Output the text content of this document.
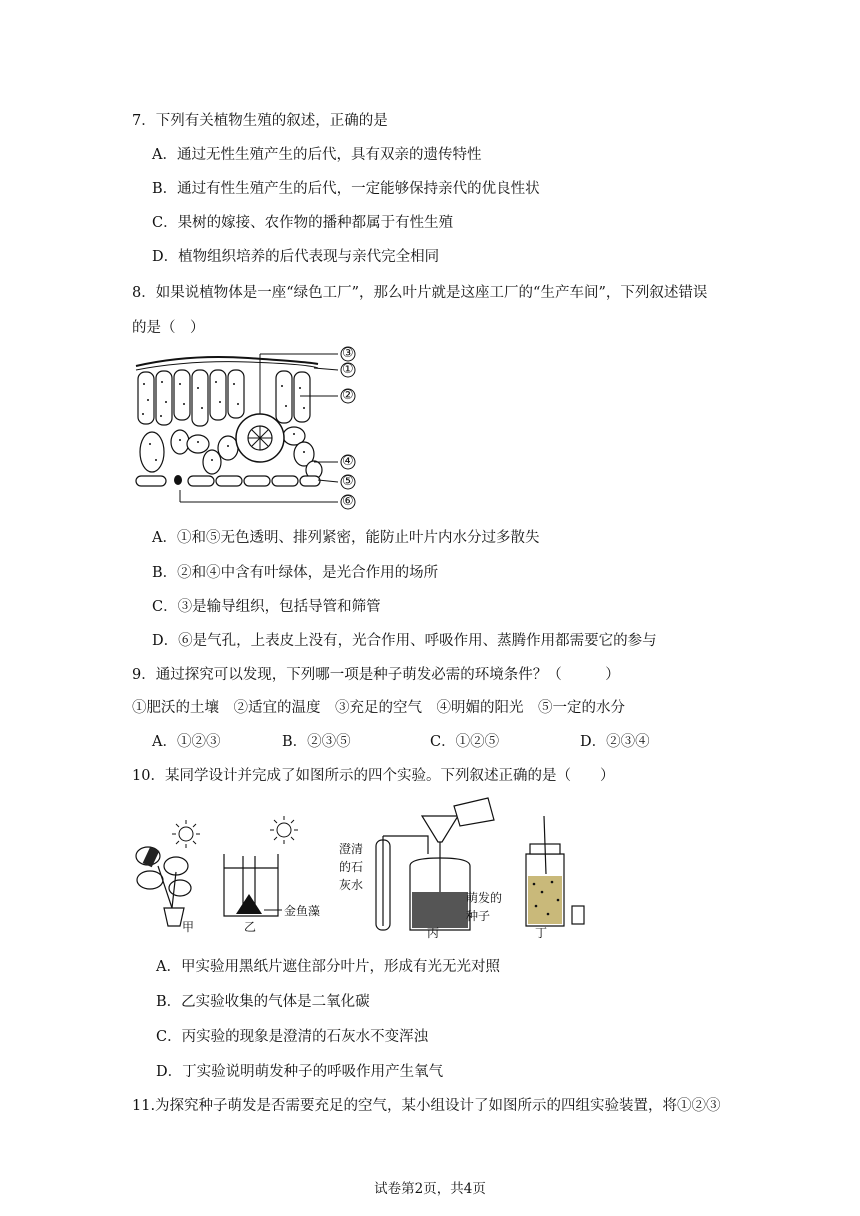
7．下列有关植物生殖的叙述，正确的是
A．通过无性生殖产生的后代，具有双亲的遗传特性
B．通过有性生殖产生的后代，一定能够保持亲代的优良性状
C．果树的嫁接、农作物的播种都属于有性生殖
D．植物组织培养的后代表现与亲代完全相同
8．如果说植物体是一座“绿色工厂”，那么叶片就是这座工厂的“生产车间”，下列叙述错误
的是（　）
③
①
②
④
⑤
⑥
A．①和⑤无色透明、排列紧密，能防止叶片内水分过多散失
B．②和④中含有叶绿体，是光合作用的场所
C．③是输导组织，包括导管和筛管
D．⑥是气孔，上表皮上没有，光合作用、呼吸作用、蒸腾作用都需要它的参与
9．通过探究可以发现，下列哪一项是种子萌发必需的环境条件？（　　　）
①肥沃的土壤　②适宜的温度　③充足的空气　④明媚的阳光　⑤一定的水分
A．①②③	B．②③⑤	C．①②⑤	D．②③④
10．某同学设计并完成了如图所示的四个实验。下列叙述正确的是（　　）
甲	乙	丙	丁
金鱼藻
澄清
的石
灰水
萌发的
种子
A．甲实验用黑纸片遮住部分叶片，形成有光无光对照
B．乙实验收集的气体是二氧化碳
C．丙实验的现象是澄清的石灰水不变浑浊
D．丁实验说明萌发种子的呼吸作用产生氧气
11.为探究种子萌发是否需要充足的空气，某小组设计了如图所示的四组实验装置，将①②③
试卷第2页，共4页
